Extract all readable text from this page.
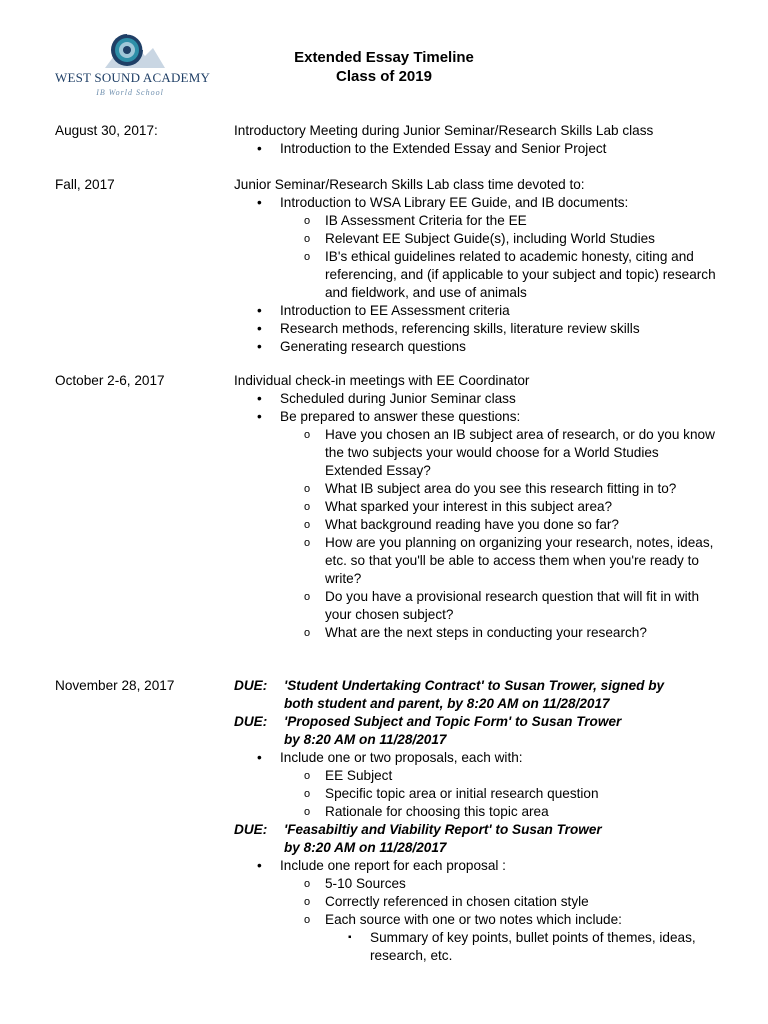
WEST SOUND ACADEMY
IB World School
Extended Essay Timeline
Class of 2019
August 30, 2017:	Introductory Meeting during Junior Seminar/Research Skills Lab class
• Introduction to the Extended Essay and Senior Project
Fall, 2017	Junior Seminar/Research Skills Lab class time devoted to:
• Introduction to WSA Library EE Guide, and IB documents:
o IB Assessment Criteria for the EE
o Relevant EE Subject Guide(s), including World Studies
o IB's ethical guidelines related to academic honesty, citing and referencing, and (if applicable to your subject and topic) research and fieldwork, and use of animals
• Introduction to EE Assessment criteria
• Research methods, referencing skills, literature review skills
• Generating research questions
October 2-6, 2017	Individual check-in meetings with EE Coordinator
• Scheduled during Junior Seminar class
• Be prepared to answer these questions:
o Have you chosen an IB subject area of research, or do you know the two subjects your would choose for a World Studies Extended Essay?
o What IB subject area do you see this research fitting in to?
o What sparked your interest in this subject area?
o What background reading have you done so far?
o How are you planning on organizing your research, notes, ideas, etc. so that you'll be able to access them when you're ready to write?
o Do you have a provisional research question that will fit in with your chosen subject?
o What are the next steps in conducting your research?
November 28, 2017	DUE: 'Student Undertaking Contract' to Susan Trower, signed by
both student and parent, by 8:20 AM on 11/28/2017
DUE: 'Proposed Subject and Topic Form' to Susan Trower
by 8:20 AM on 11/28/2017
• Include one or two proposals, each with:
o EE Subject
o Specific topic area or initial research question
o Rationale for choosing this topic area
DUE: 'Feasabiltiy and Viability Report' to Susan Trower
by 8:20 AM on 11/28/2017
• Include one report for each proposal :
o 5-10 Sources
o Correctly referenced in chosen citation style
o Each source with one or two notes which include:
▪ Summary of key points, bullet points of themes, ideas, research, etc.
